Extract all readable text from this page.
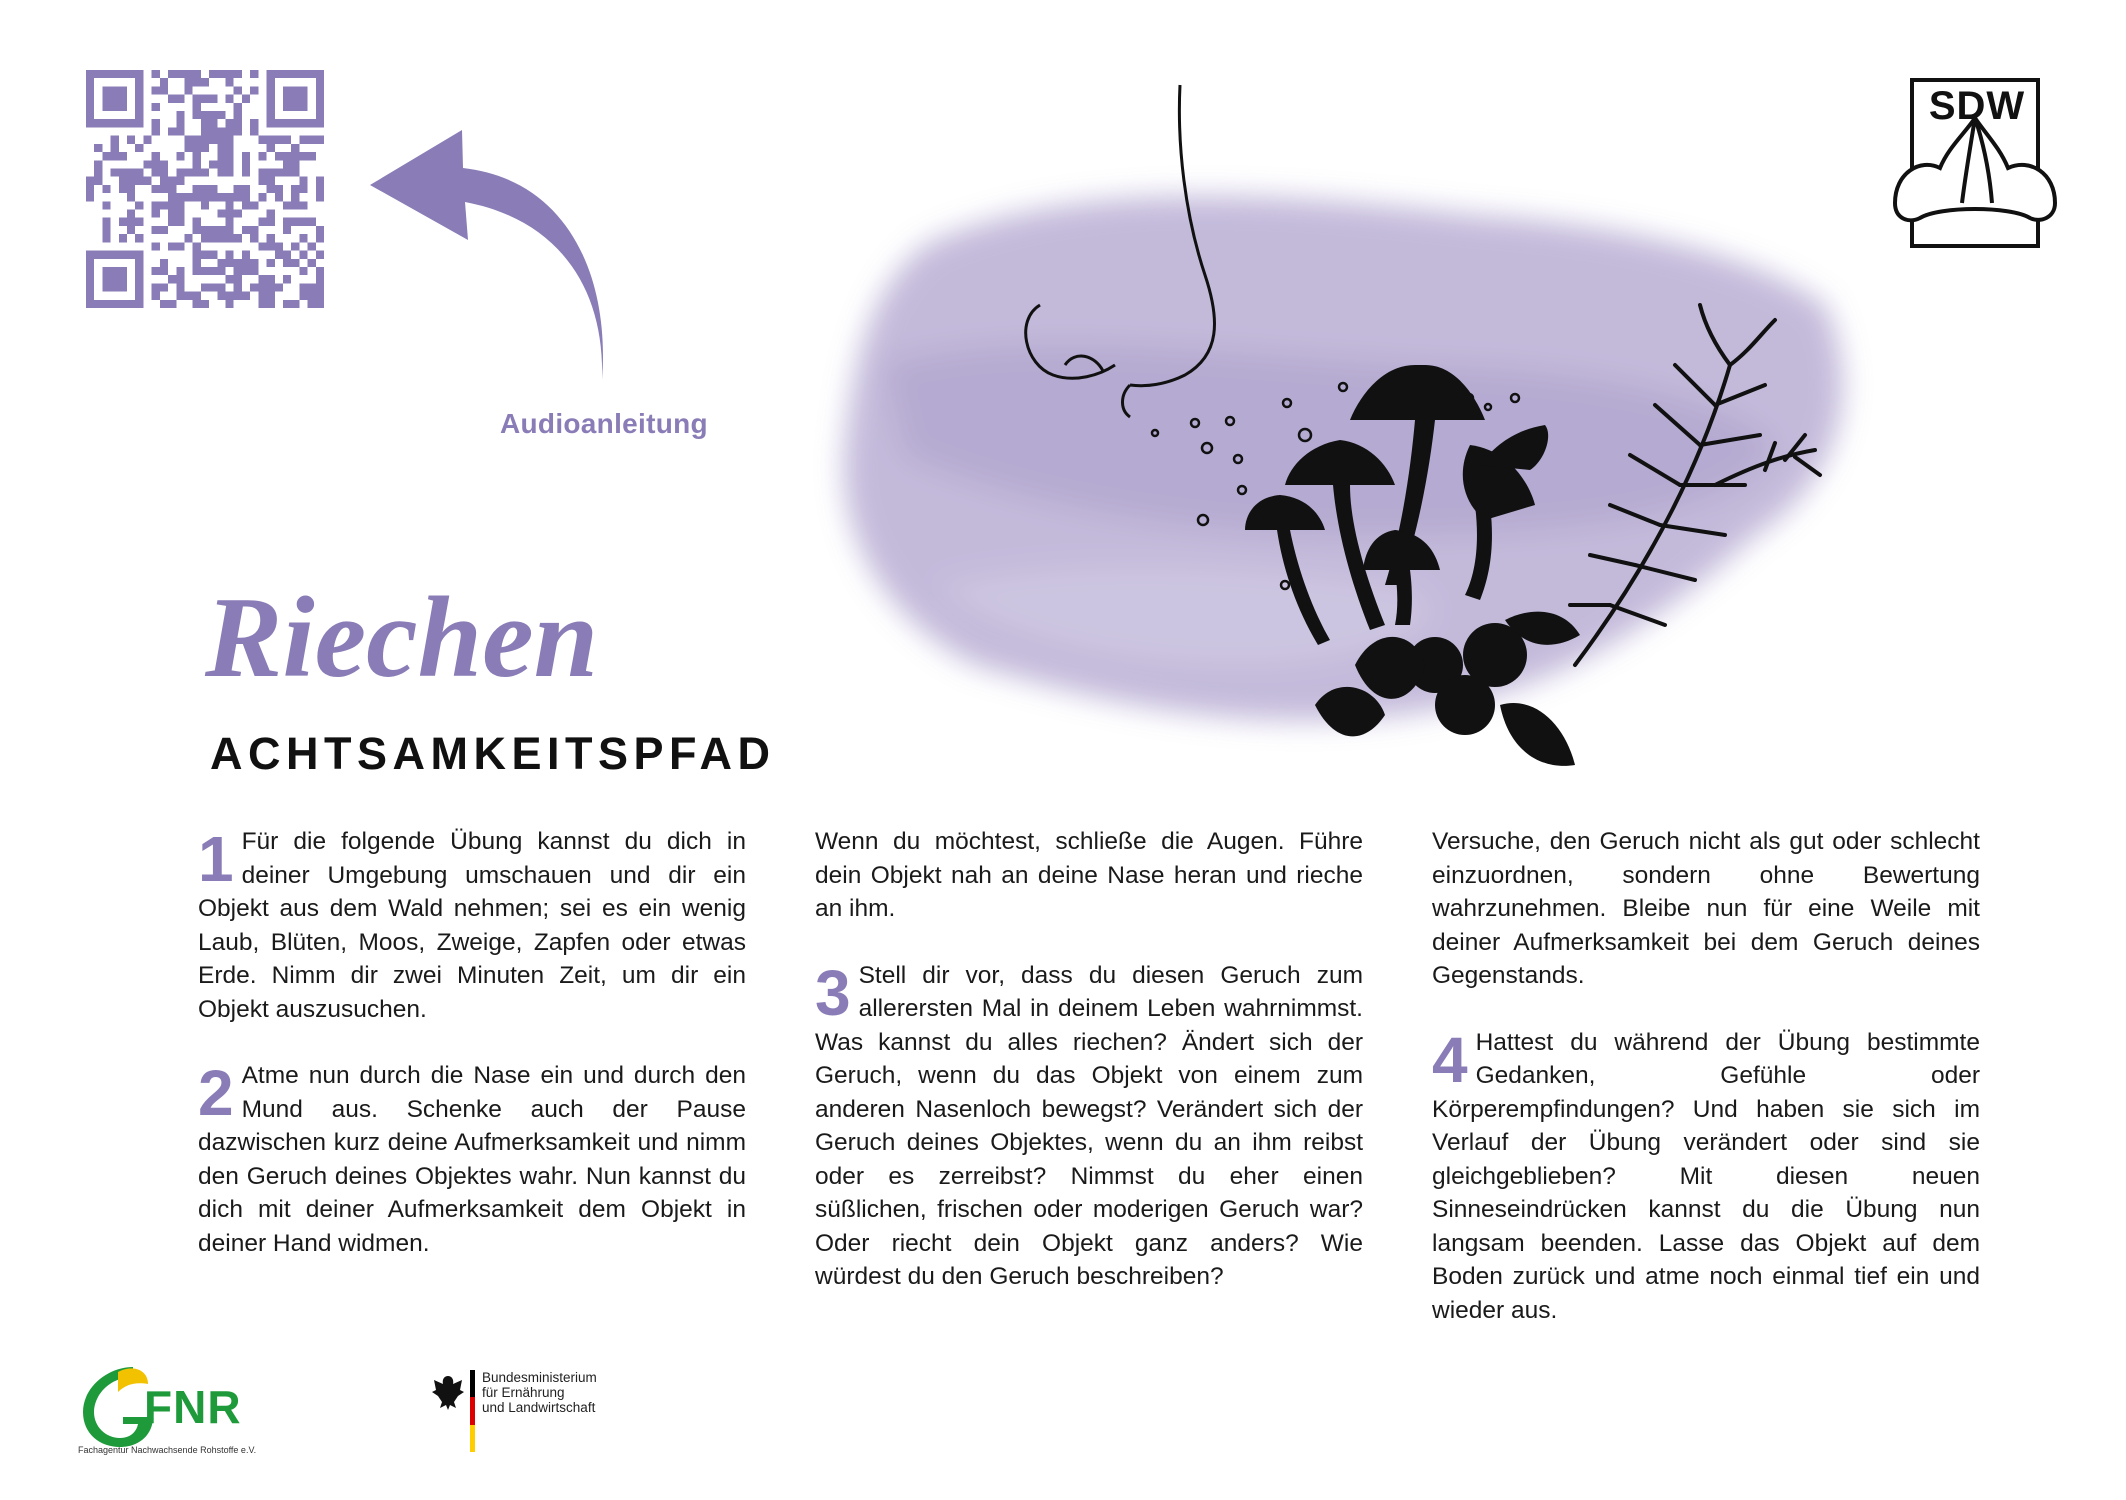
Audioanleitung
SDW
Riechen
ACHTSAMKEITSPFAD

1 Für die folgende Übung kannst du dich in deiner Umgebung umschauen und dir ein Objekt aus dem Wald nehmen; sei es ein wenig Laub, Blüten, Moos, Zweige, Zapfen oder etwas Erde. Nimm dir zwei Minuten Zeit, um dir ein Objekt auszusuchen.

2 Atme nun durch die Nase ein und durch den Mund aus. Schenke auch der Pause dazwischen kurz deine Aufmerksamkeit und nimm den Geruch deines Objektes wahr. Nun kannst du dich mit deiner Aufmerksamkeit dem Objekt in deiner Hand widmen.

Wenn du möchtest, schließe die Augen. Führe dein Objekt nah an deine Nase heran und rieche an ihm.

3 Stell dir vor, dass du diesen Geruch zum allerersten Mal in deinem Leben wahrnimmst. Was kannst du alles riechen? Ändert sich der Geruch, wenn du das Objekt von einem zum anderen Nasenloch bewegst? Verändert sich der Geruch deines Objektes, wenn du an ihm reibst oder es zerreibst? Nimmst du eher einen süßlichen, frischen oder moderigen Geruch war? Oder riecht dein Objekt ganz anders? Wie würdest du den Geruch beschreiben?

Versuche, den Geruch nicht als gut oder schlecht einzuordnen, sondern ohne Bewertung wahrzunehmen. Bleibe nun für eine Weile mit deiner Aufmerksamkeit bei dem Geruch deines Gegenstands.

4 Hattest du während der Übung bestimmte Gedanken, Gefühle oder Körperempfindungen? Und haben sie sich im Verlauf der Übung verändert oder sind sie gleichgeblieben? Mit diesen neuen Sinneseindrücken kannst du die Übung nun langsam beenden. Lasse das Objekt auf dem Boden zurück und atme noch einmal tief ein und wieder aus.

FNR
Fachagentur Nachwachsende Rohstoffe e.V.
Bundesministerium
für Ernährung
und Landwirtschaft
